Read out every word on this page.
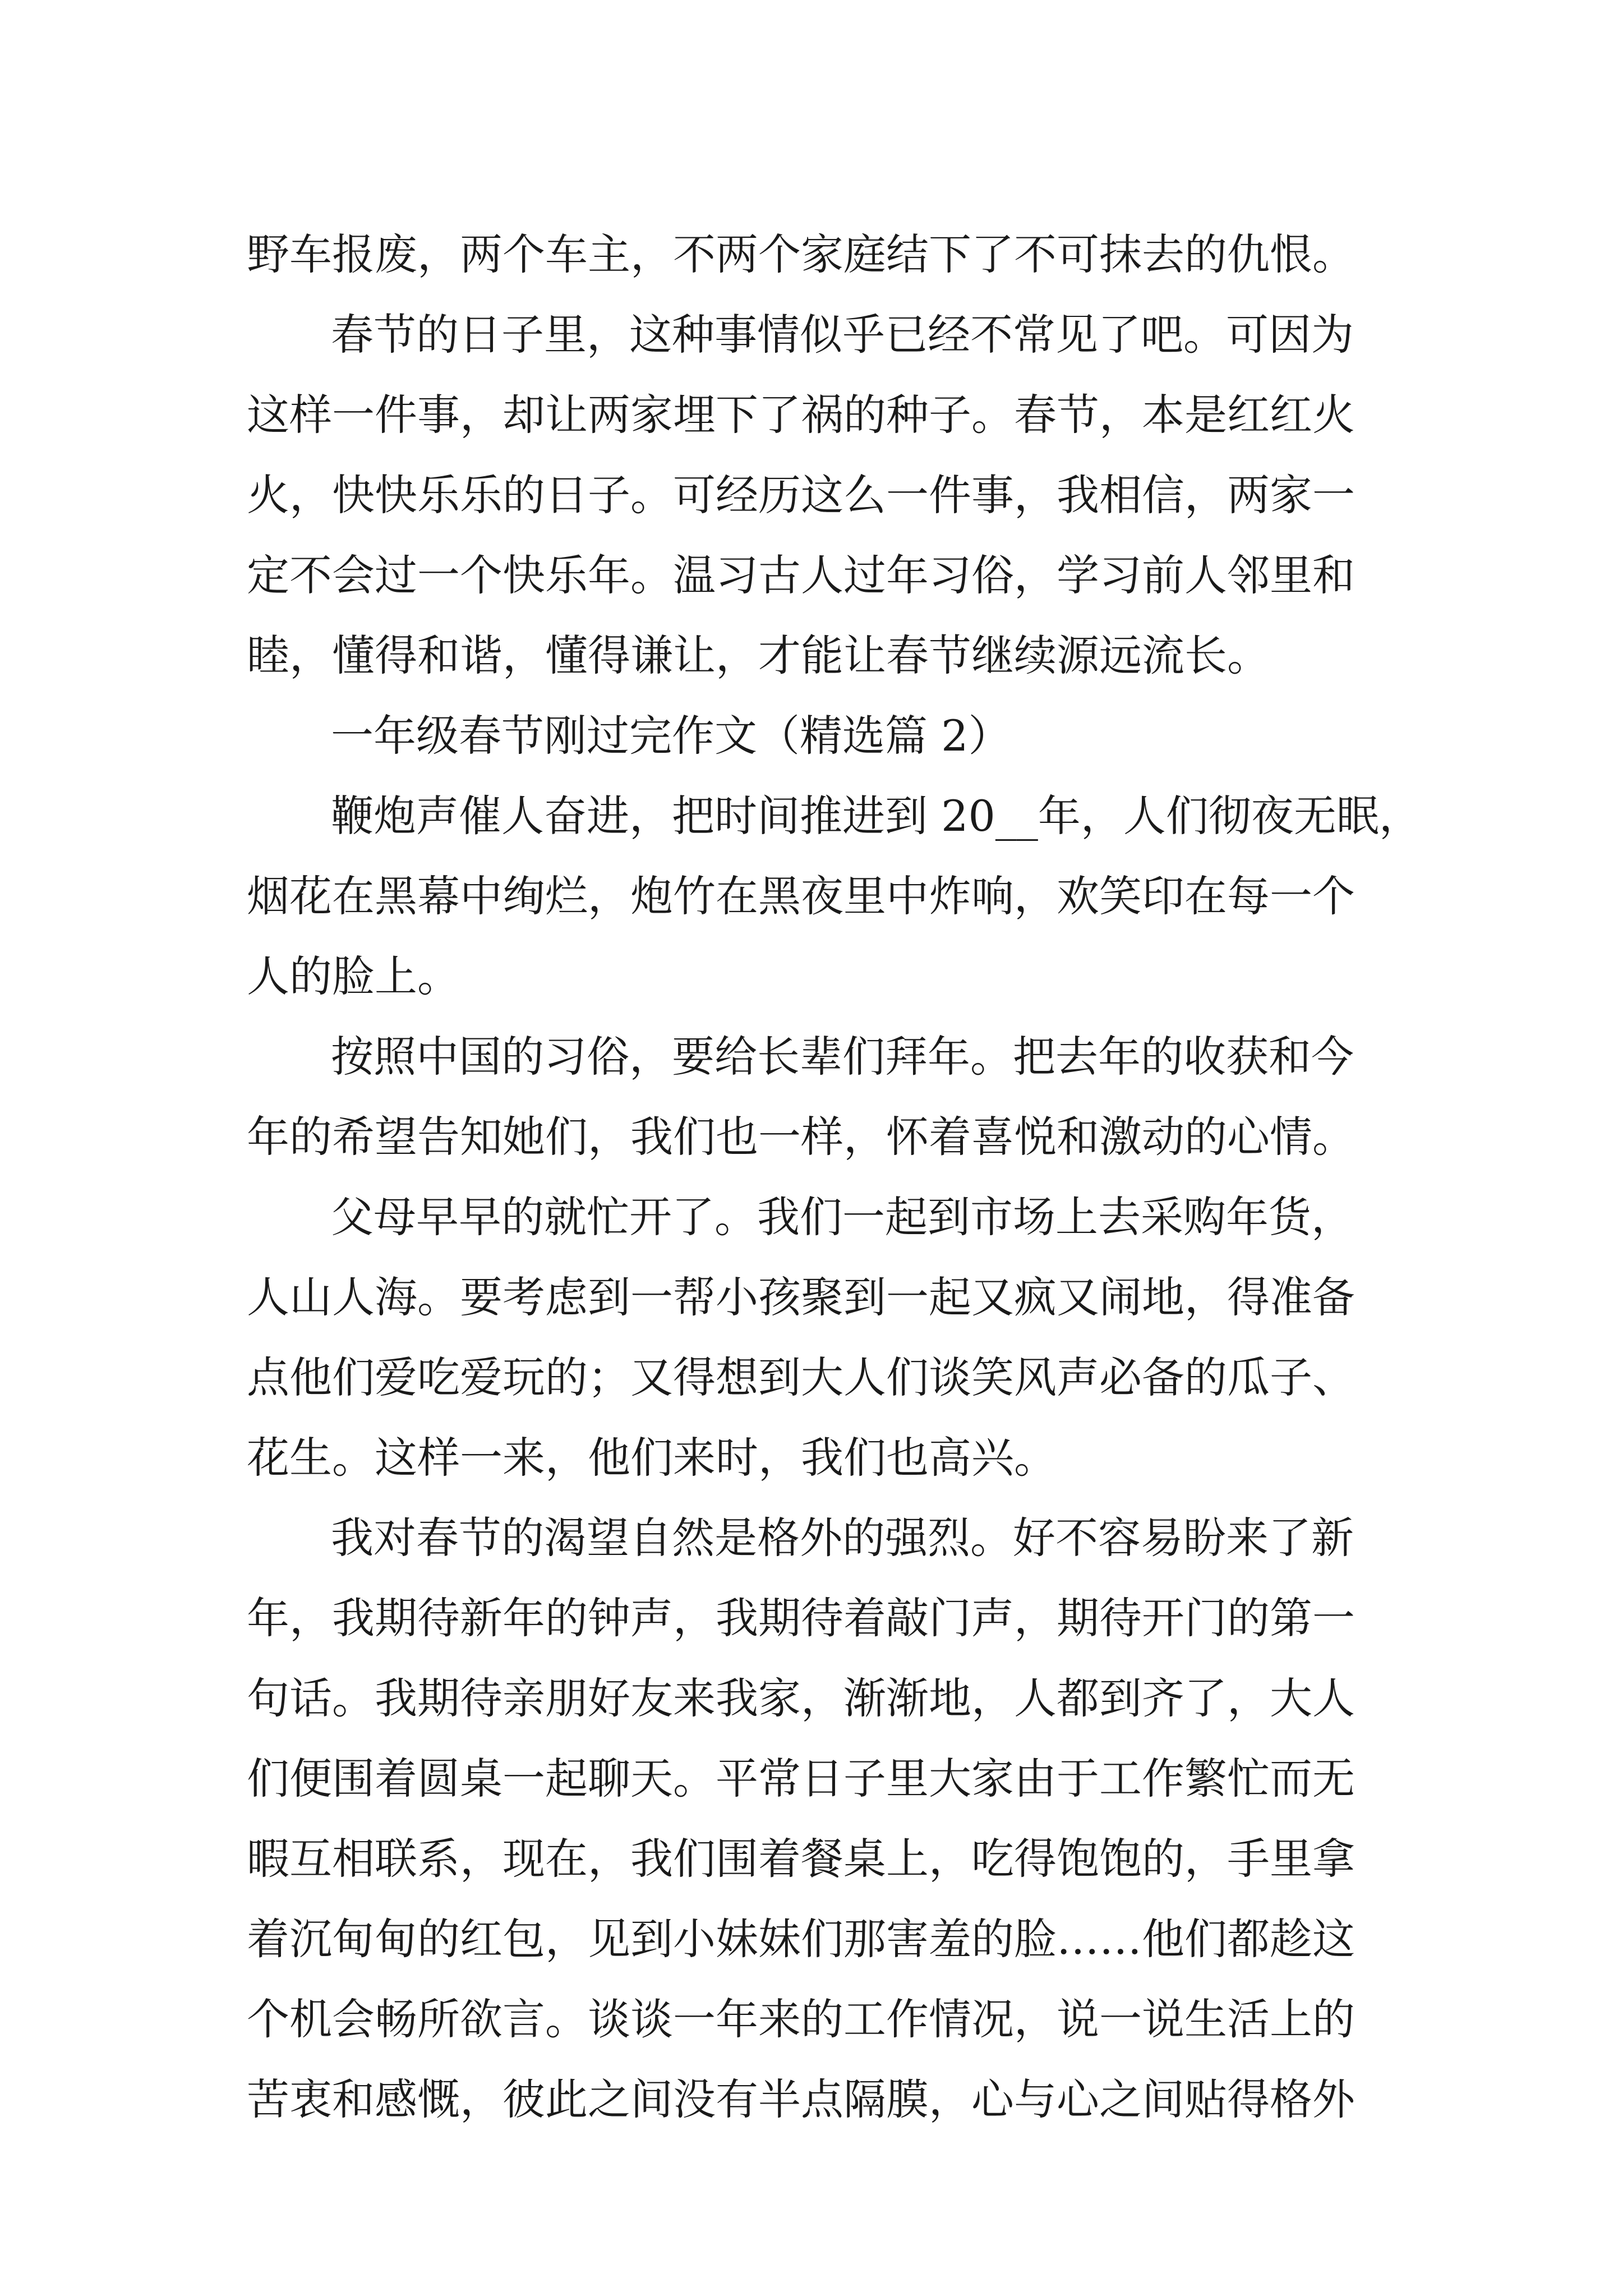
野车报废，两个车主，不两个家庭结下了不可抹去的仇恨。
春节的日子里，这种事情似乎已经不常见了吧。可因为
这样一件事，却让两家埋下了祸的种子。春节，本是红红火
火，快快乐乐的日子。可经历这么一件事，我相信，两家一
定不会过一个快乐年。温习古人过年习俗，学习前人邻里和
睦，懂得和谐，懂得谦让，才能让春节继续源远流长。
一年级春节刚过完作文（精选篇 2）
鞭炮声催人奋进，把时间推进到 20__年，人们彻夜无眠，
烟花在黑幕中绚烂，炮竹在黑夜里中炸响，欢笑印在每一个
人的脸上。
按照中国的习俗，要给长辈们拜年。把去年的收获和今
年的希望告知她们，我们也一样，怀着喜悦和激动的心情。
父母早早的就忙开了。我们一起到市场上去采购年货，
人山人海。要考虑到一帮小孩聚到一起又疯又闹地，得准备
点他们爱吃爱玩的；又得想到大人们谈笑风声必备的瓜子、
花生。这样一来，他们来时，我们也高兴。
我对春节的渴望自然是格外的强烈。好不容易盼来了新
年，我期待新年的钟声，我期待着敲门声，期待开门的第一
句话。我期待亲朋好友来我家，渐渐地，人都到齐了，大人
们便围着圆桌一起聊天。平常日子里大家由于工作繁忙而无
暇互相联系，现在，我们围着餐桌上，吃得饱饱的，手里拿
着沉甸甸的红包，见到小妹妹们那害羞的脸……他们都趁这
个机会畅所欲言。谈谈一年来的工作情况，说一说生活上的
苦衷和感慨，彼此之间没有半点隔膜，心与心之间贴得格外
